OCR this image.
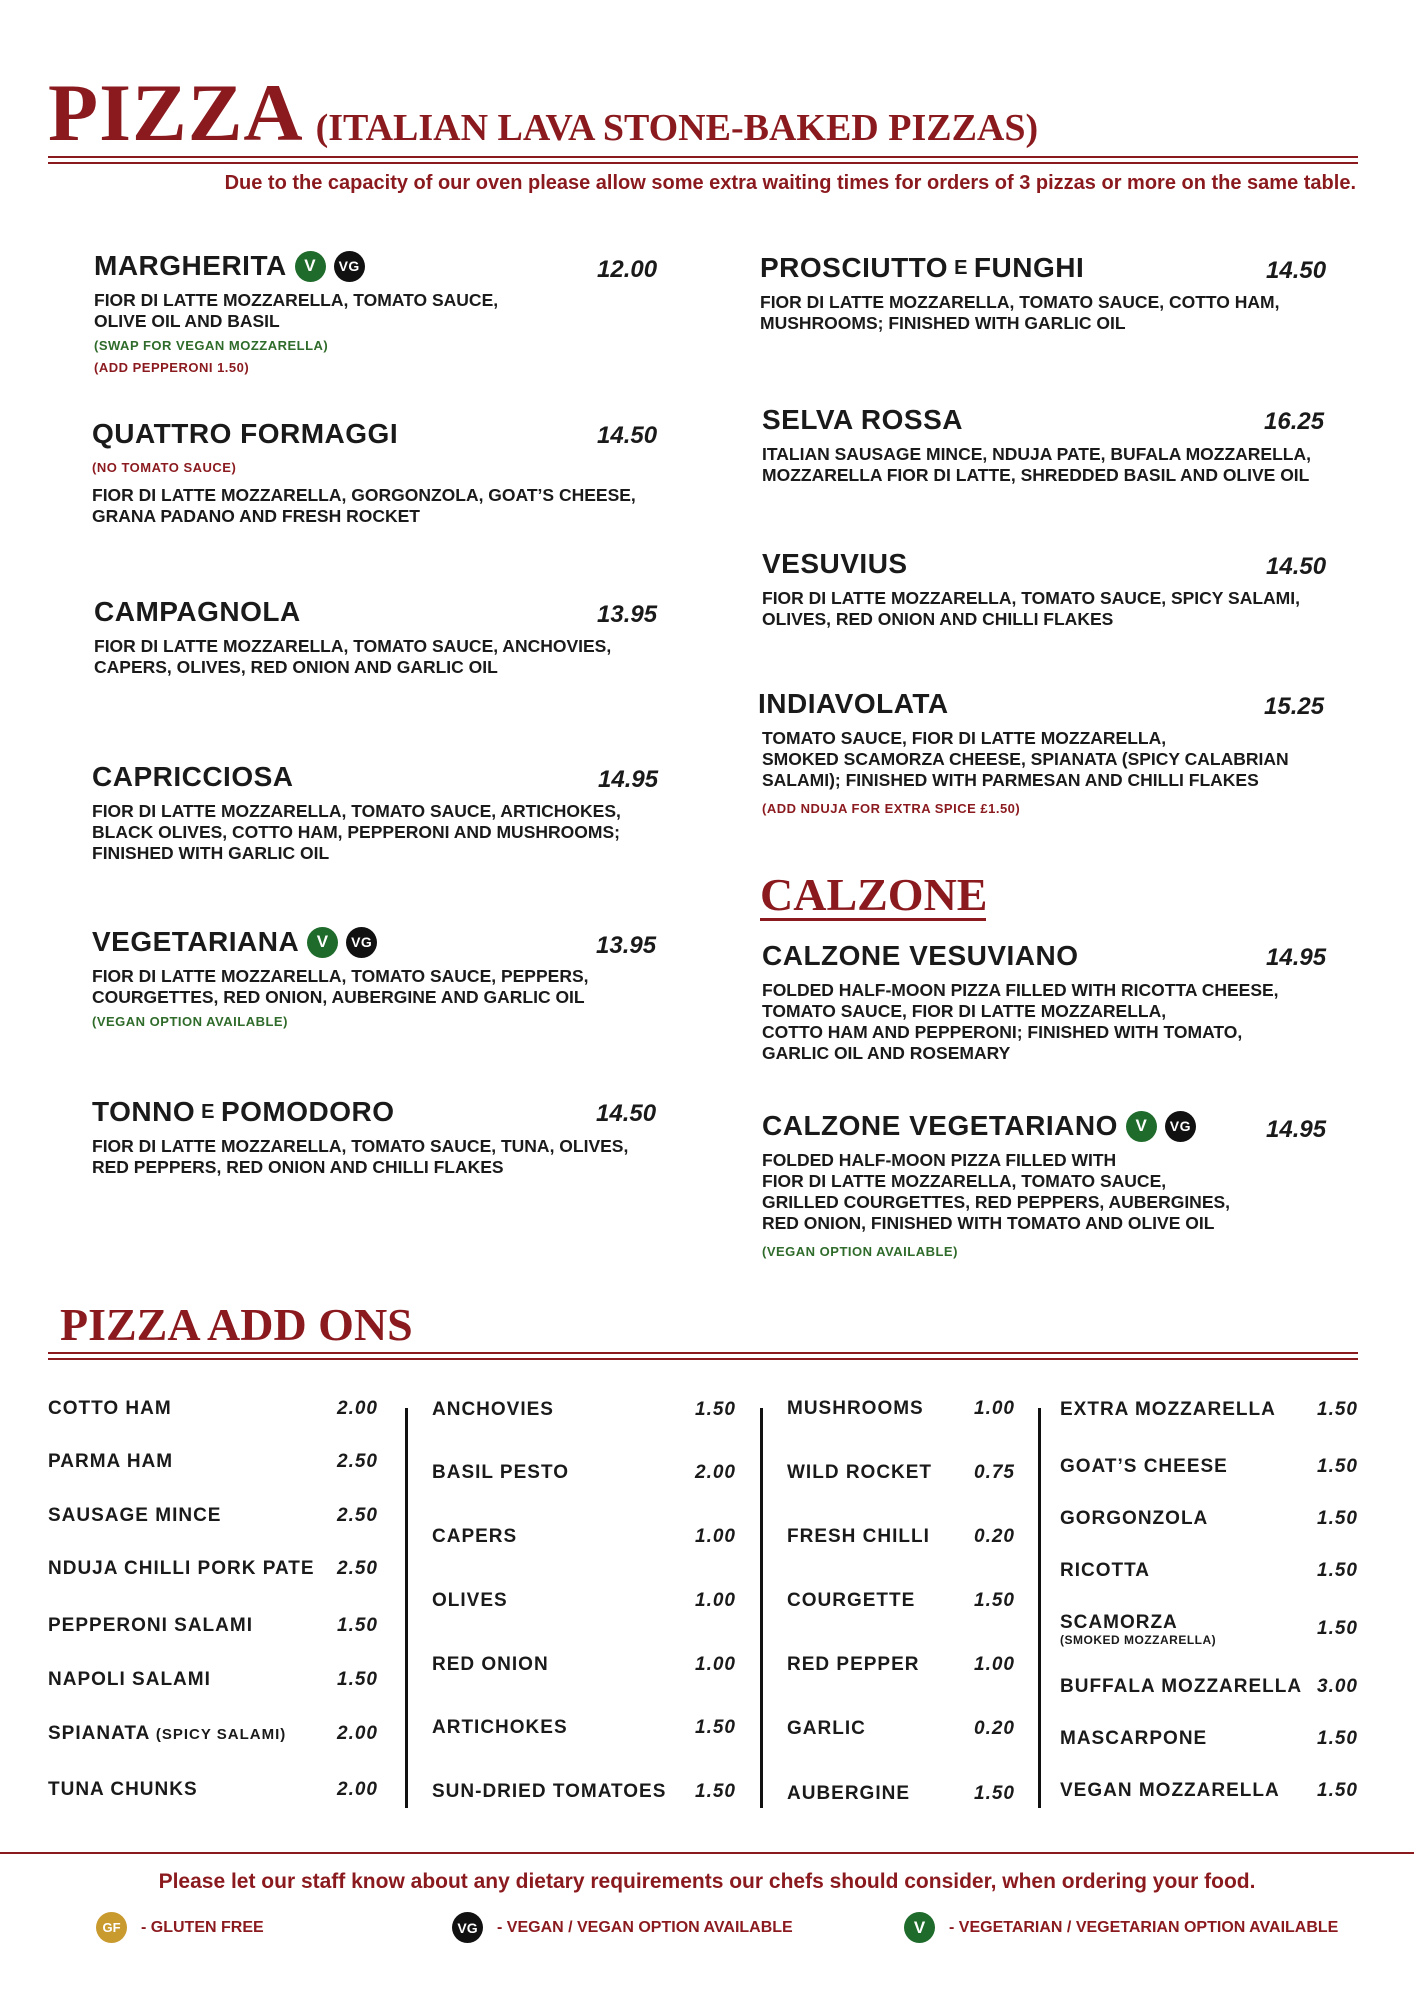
PIZZA (ITALIAN LAVA STONE-BAKED PIZZAS)
Due to the capacity of our oven please allow some extra waiting times for orders of 3 pizzas or more on the same table.
MARGHERITA	V	VG
FIOR DI LATTE MOZZARELLA, TOMATO SAUCE,
OLIVE OIL AND BASIL
(SWAP FOR VEGAN MOZZARELLA)
(ADD PEPPERONI 1.50)
12.00
QUATTRO FORMAGGI
(NO TOMATO SAUCE)
FIOR DI LATTE MOZZARELLA, GORGONZOLA, GOAT’S CHEESE,
GRANA PADANO AND FRESH ROCKET
14.50
CAMPAGNOLA
FIOR DI LATTE MOZZARELLA, TOMATO SAUCE, ANCHOVIES,
CAPERS, OLIVES, RED ONION AND GARLIC OIL
13.95
CAPRICCIOSA
FIOR DI LATTE MOZZARELLA, TOMATO SAUCE, ARTICHOKES,
BLACK OLIVES, COTTO HAM, PEPPERONI AND MUSHROOMS;
FINISHED WITH GARLIC OIL
14.95
VEGETARIANA	V	VG
FIOR DI LATTE MOZZARELLA, TOMATO SAUCE, PEPPERS,
COURGETTES, RED ONION, AUBERGINE AND GARLIC OIL
(VEGAN OPTION AVAILABLE)
13.95
TONNO E POMODORO
FIOR DI LATTE MOZZARELLA, TOMATO SAUCE, TUNA, OLIVES,
RED PEPPERS, RED ONION AND CHILLI FLAKES
14.50
PROSCIUTTO E FUNGHI
FIOR DI LATTE MOZZARELLA, TOMATO SAUCE, COTTO HAM,
MUSHROOMS; FINISHED WITH GARLIC OIL
14.50
SELVA ROSSA
ITALIAN SAUSAGE MINCE, NDUJA PATE, BUFALA MOZZARELLA,
MOZZARELLA FIOR DI LATTE, SHREDDED BASIL AND OLIVE OIL
16.25
VESUVIUS
FIOR DI LATTE MOZZARELLA, TOMATO SAUCE, SPICY SALAMI,
OLIVES, RED ONION AND CHILLI FLAKES
14.50
INDIAVOLATA
TOMATO SAUCE, FIOR DI LATTE MOZZARELLA,
SMOKED SCAMORZA CHEESE, SPIANATA (SPICY CALABRIAN
SALAMI); FINISHED WITH PARMESAN AND CHILLI FLAKES
(ADD NDUJA FOR EXTRA SPICE £1.50)
15.25
CALZONE
CALZONE VESUVIANO
FOLDED HALF-MOON PIZZA FILLED WITH RICOTTA CHEESE,
TOMATO SAUCE, FIOR DI LATTE MOZZARELLA,
COTTO HAM AND PEPPERONI; FINISHED WITH TOMATO,
GARLIC OIL AND ROSEMARY
14.95
CALZONE VEGETARIANO	V	VG
FOLDED HALF-MOON PIZZA FILLED WITH
FIOR DI LATTE MOZZARELLA, TOMATO SAUCE,
GRILLED COURGETTES, RED PEPPERS, AUBERGINES,
RED ONION, FINISHED WITH TOMATO AND OLIVE OIL
(VEGAN OPTION AVAILABLE)
14.95
PIZZA ADD ONS
COTTO HAM	2.00
PARMA HAM	2.50
SAUSAGE MINCE	2.50
NDUJA CHILLI PORK PATE 2.50
PEPPERONI SALAMI	1.50
NAPOLI SALAMI	1.50
SPIANATA (SPICY SALAMI)	2.00
TUNA CHUNKS	2.00
ANCHOVIES	1.50
BASIL PESTO	2.00
CAPERS	1.00
OLIVES	1.00
RED ONION	1.00
ARTICHOKES	1.50
SUN-DRIED TOMATOES 1.50
MUSHROOMS	1.00
WILD ROCKET 0.75
FRESH CHILLI 0.20
COURGETTE	1.50
RED PEPPER	1.00
GARLIC	0.20
AUBERGINE	1.50
EXTRA MOZZARELLA 1.50
GOAT’S CHEESE	1.50
GORGONZOLA	1.50
RICOTTA	1.50
SCAMORZA
(SMOKED MOZZARELLA)
1.50
BUFFALA MOZZARELLA 3.00
MASCARPONE	1.50
VEGAN MOZZARELLA 1.50
Please let our staff know about any dietary requirements our chefs should consider, when ordering your food.
GF	- GLUTEN FREE	VG	- VEGAN / VEGAN OPTION AVAILABLE	V	- VEGETARIAN / VEGETARIAN OPTION AVAILABLE
